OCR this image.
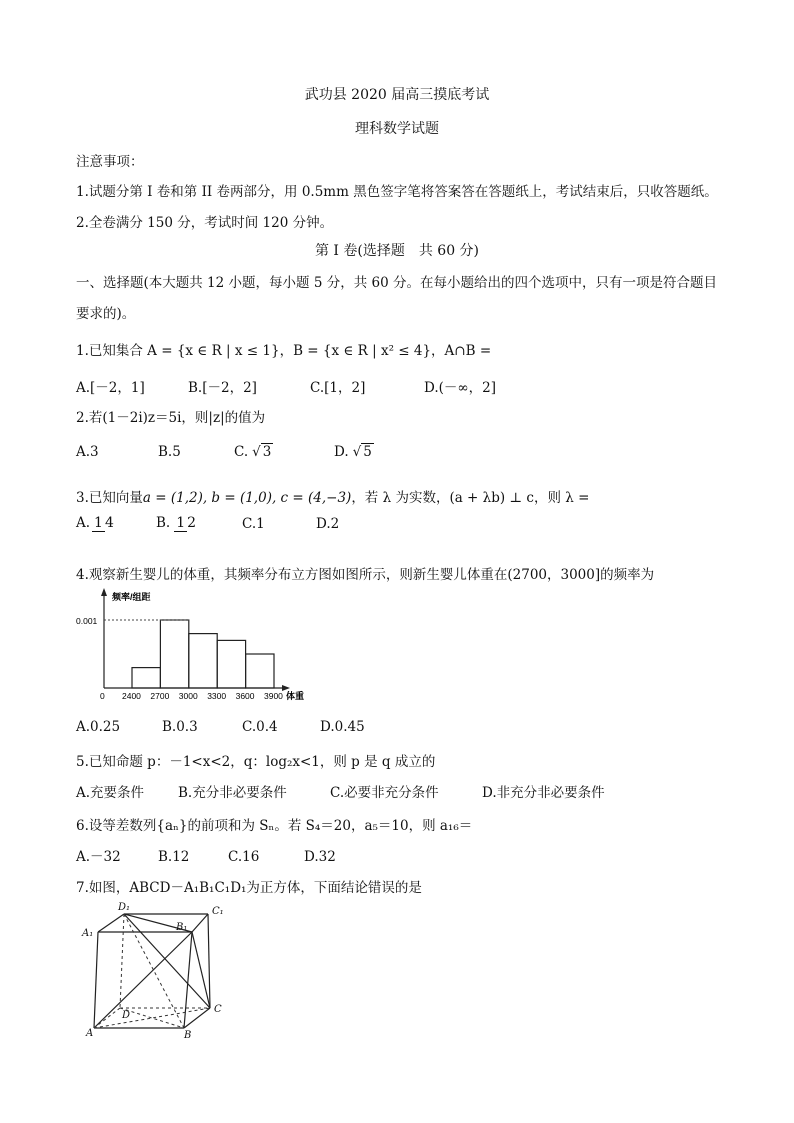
武功县 2020 届高三摸底考试
理科数学试题
注意事项：
1.试题分第 I 卷和第 II 卷两部分，用 0.5mm 黑色签字笔将答案答在答题纸上，考试结束后，只收答题纸。
2.全卷满分 150 分，考试时间 120 分钟。
第 I 卷(选择题　共 60 分)
一、选择题(本大题共 12 小题，每小题 5 分，共 60 分。在每小题给出的四个选项中，只有一项是符合题目
要求的)。
1.已知集合 A = {x ∈ R | x ≤ 1}，B = {x ∈ R | x² ≤ 4}，A∩B =
A.[－2，1]	B.[－2，2]	C.[1，2]	D.(－∞，2]
2.若(1－2i)z＝5i，则|z|的值为
A.3	B.5	C. √ 3	D. √ 5
3.已知向量a = (1,2), b = (1,0), c = (4,−3)，若 λ 为实数，(a + λb) ⊥ c，则 λ =
A. 1 4	B. 1 2	C.1	D.2
4.观察新生婴儿的体重，其频率分布立方图如图所示，则新生婴儿体重在(2700，3000]的频率为
频率/组距
0.001
0	体重
2400 2700 3000 3300 3600 3900
A.0.25	B.0.3	C.0.4	D.0.45
5.已知命题 p：－1<x<2，q：log₂x<1，则 p 是 q 成立的
A.充要条件	B.充分非必要条件	C.必要非充分条件	D.非充分非必要条件
6.设等差数列{aₙ}的前项和为 Sₙ。若 S₄＝20，a₅＝10，则 a₁₆＝
A.－32	B.12	C.16	D.32
7.如图，ABCD－A₁B₁C₁D₁为正方体，下面结论错误的是
D₁	C₁
A₁
B₁
D
C
A	B
